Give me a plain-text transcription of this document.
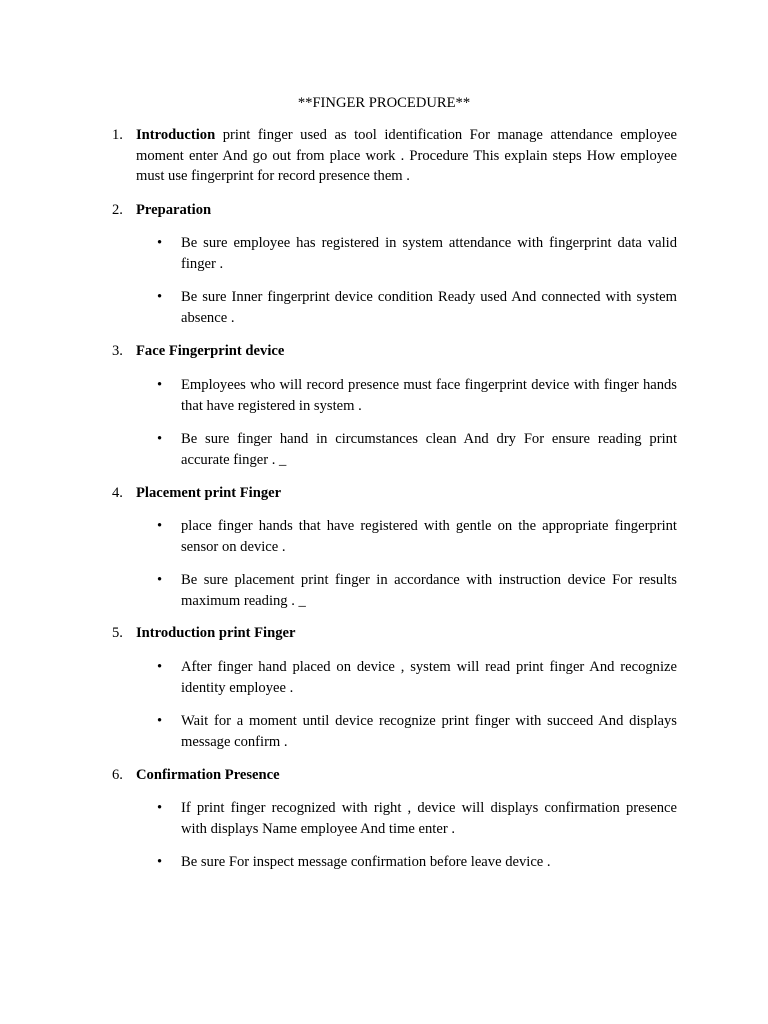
**FINGER PROCEDURE**
1. Introduction print finger used as tool identification For manage attendance employee moment enter And go out from place work . Procedure This explain steps How employee must use fingerprint for record presence them .
2. Preparation
•	Be sure employee has registered in system attendance with fingerprint data valid finger .
•	Be sure Inner fingerprint device condition Ready used And connected with system absence .
3. Face Fingerprint device
•	Employees who will record presence must face fingerprint device with finger hands that have registered in system .
•	Be sure finger hand in circumstances clean And dry For ensure reading print accurate finger . _
4. Placement print Finger
•	place finger hands that have registered with gentle on the appropriate fingerprint sensor on device .
•	Be sure placement print finger in accordance with instruction device For results maximum reading . _
5. Introduction print Finger
•	After finger hand placed on device , system will read print finger And recognize identity employee .
•	Wait for a moment until device recognize print finger with succeed And displays message confirm .
6. Confirmation Presence
•	If print finger recognized with right , device will displays confirmation presence with displays Name employee And time enter .
•	Be sure For inspect message confirmation before leave device .
